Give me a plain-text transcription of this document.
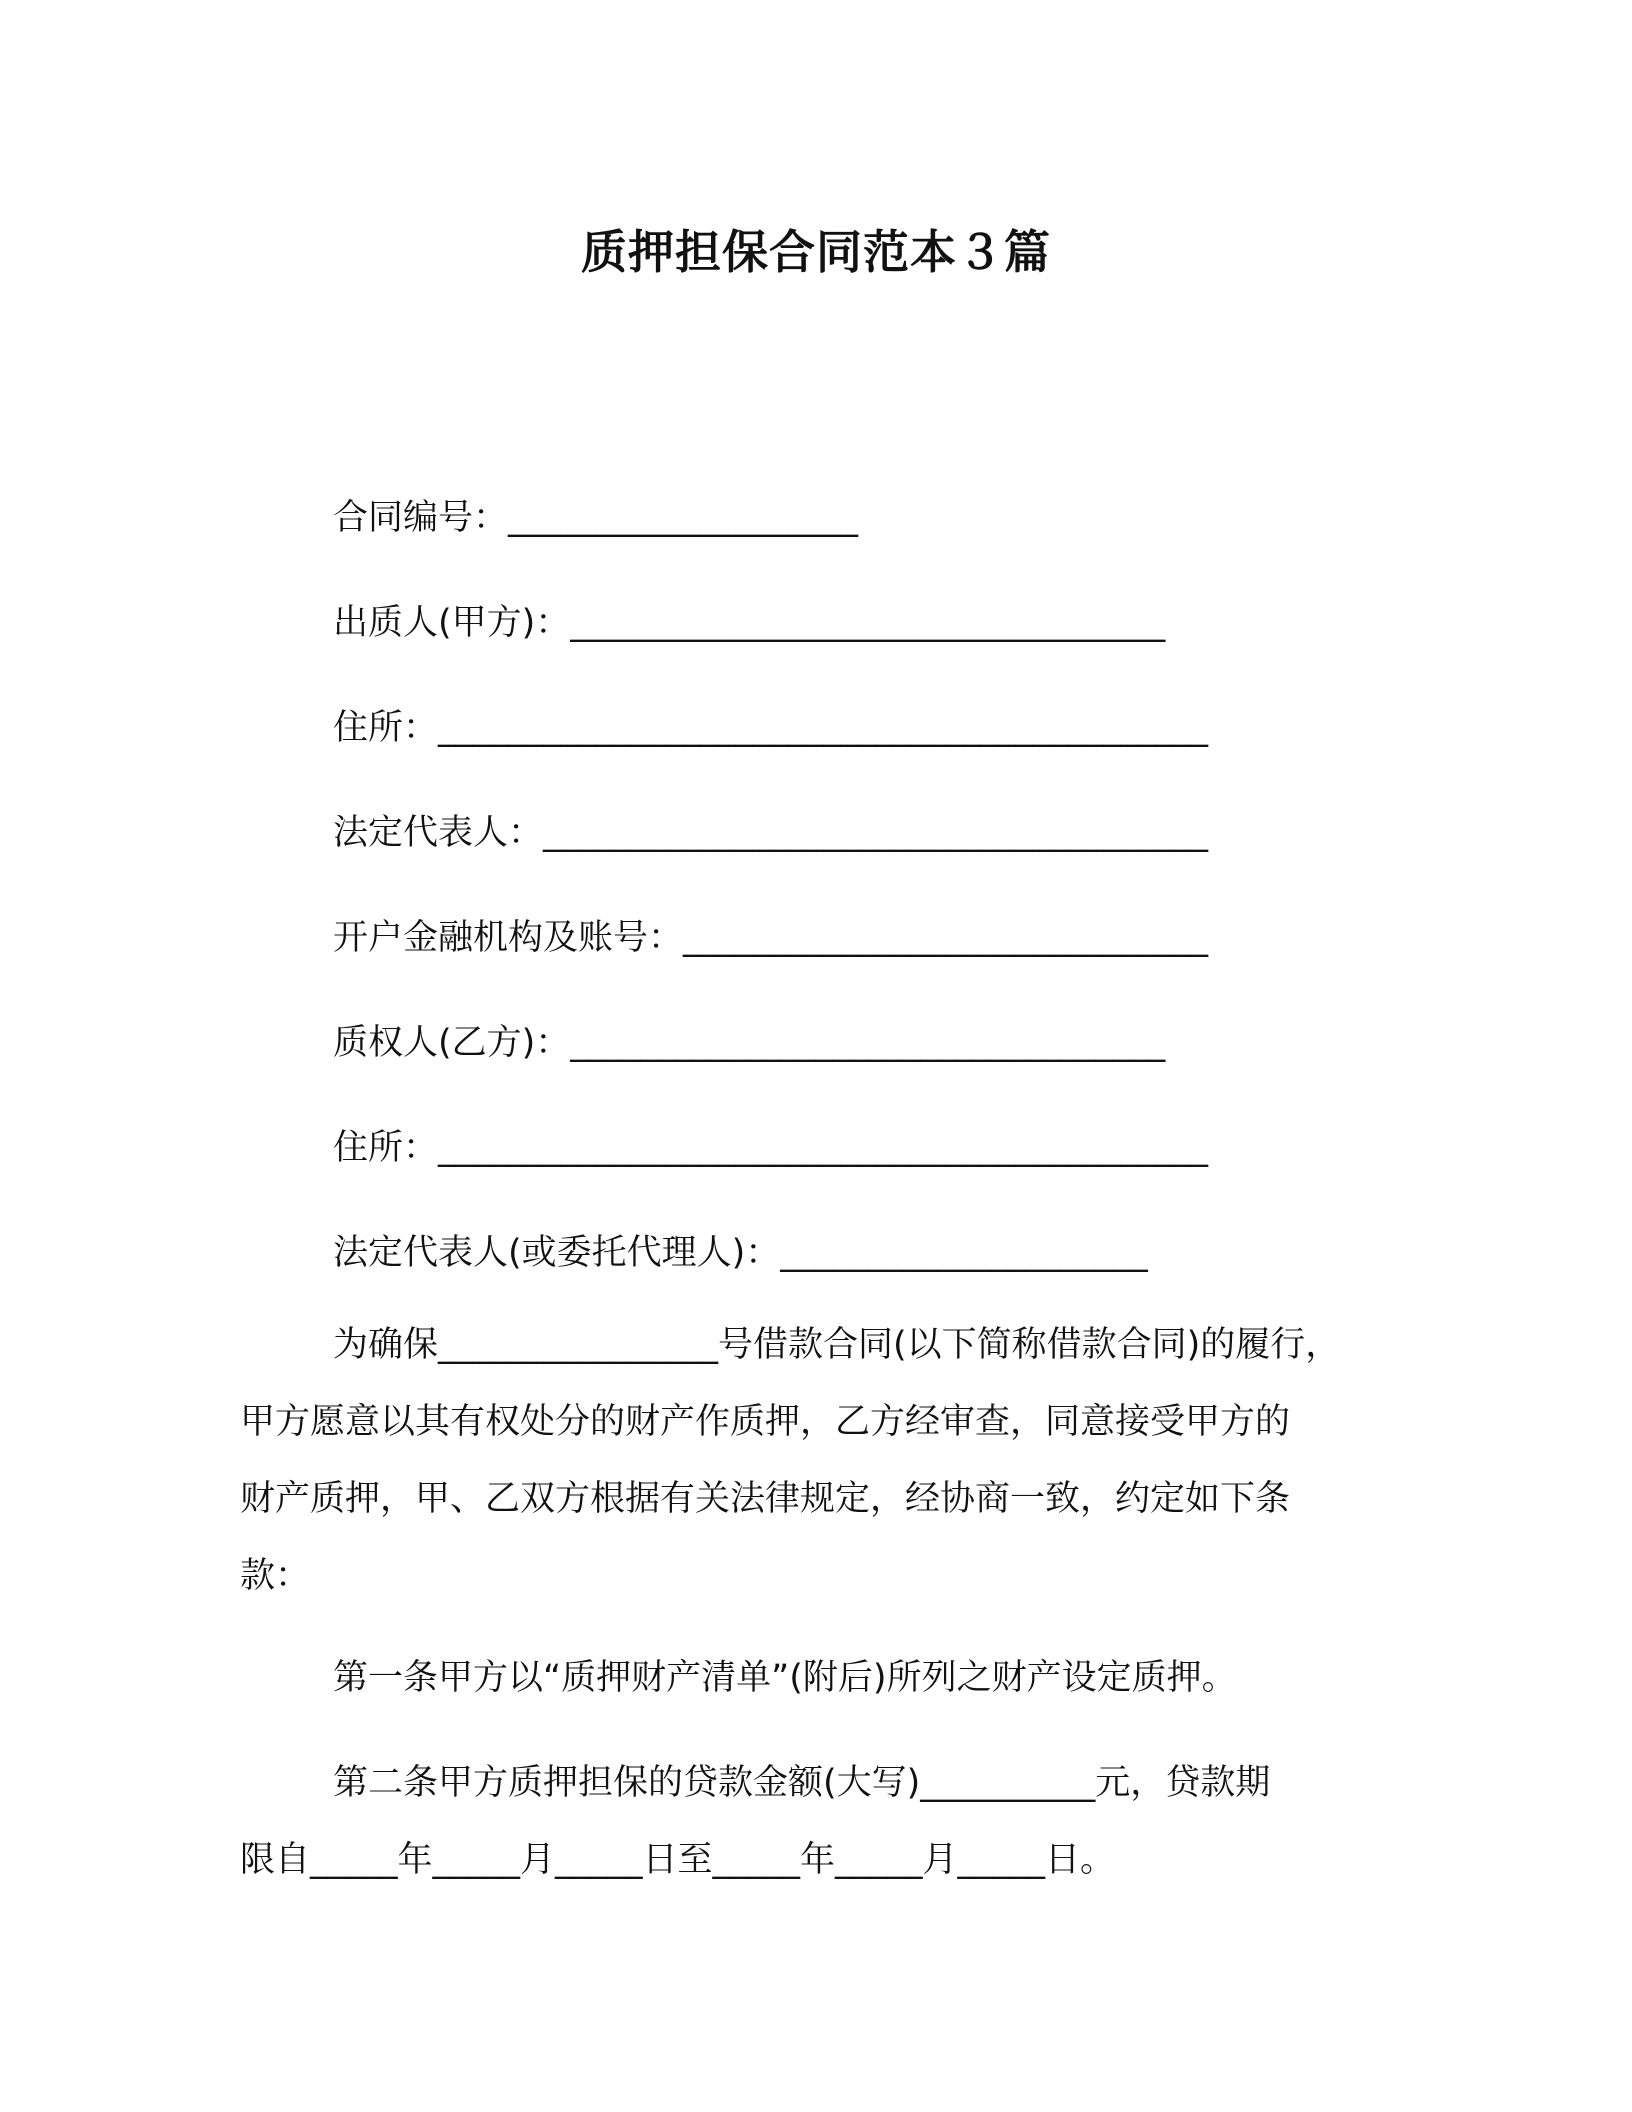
质押担保合同范本３篇
合同编号：____________________
出质人(甲方)：__________________________________
住所：____________________________________________
法定代表人：______________________________________
开户金融机构及账号：______________________________
质权人(乙方)：__________________________________
住所：____________________________________________
法定代表人(或委托代理人)：_____________________
为确保________________号借款合同(以下简称借款合同)的履行，
甲方愿意以其有权处分的财产作质押，乙方经审查，同意接受甲方的
财产质押，甲、乙双方根据有关法律规定，经协商一致，约定如下条
款：
第一条甲方以“质押财产清单”(附后)所列之财产设定质押。
第二条甲方质押担保的贷款金额(大写)__________元，贷款期
限自_____年_____月_____日至_____年_____月_____日。
